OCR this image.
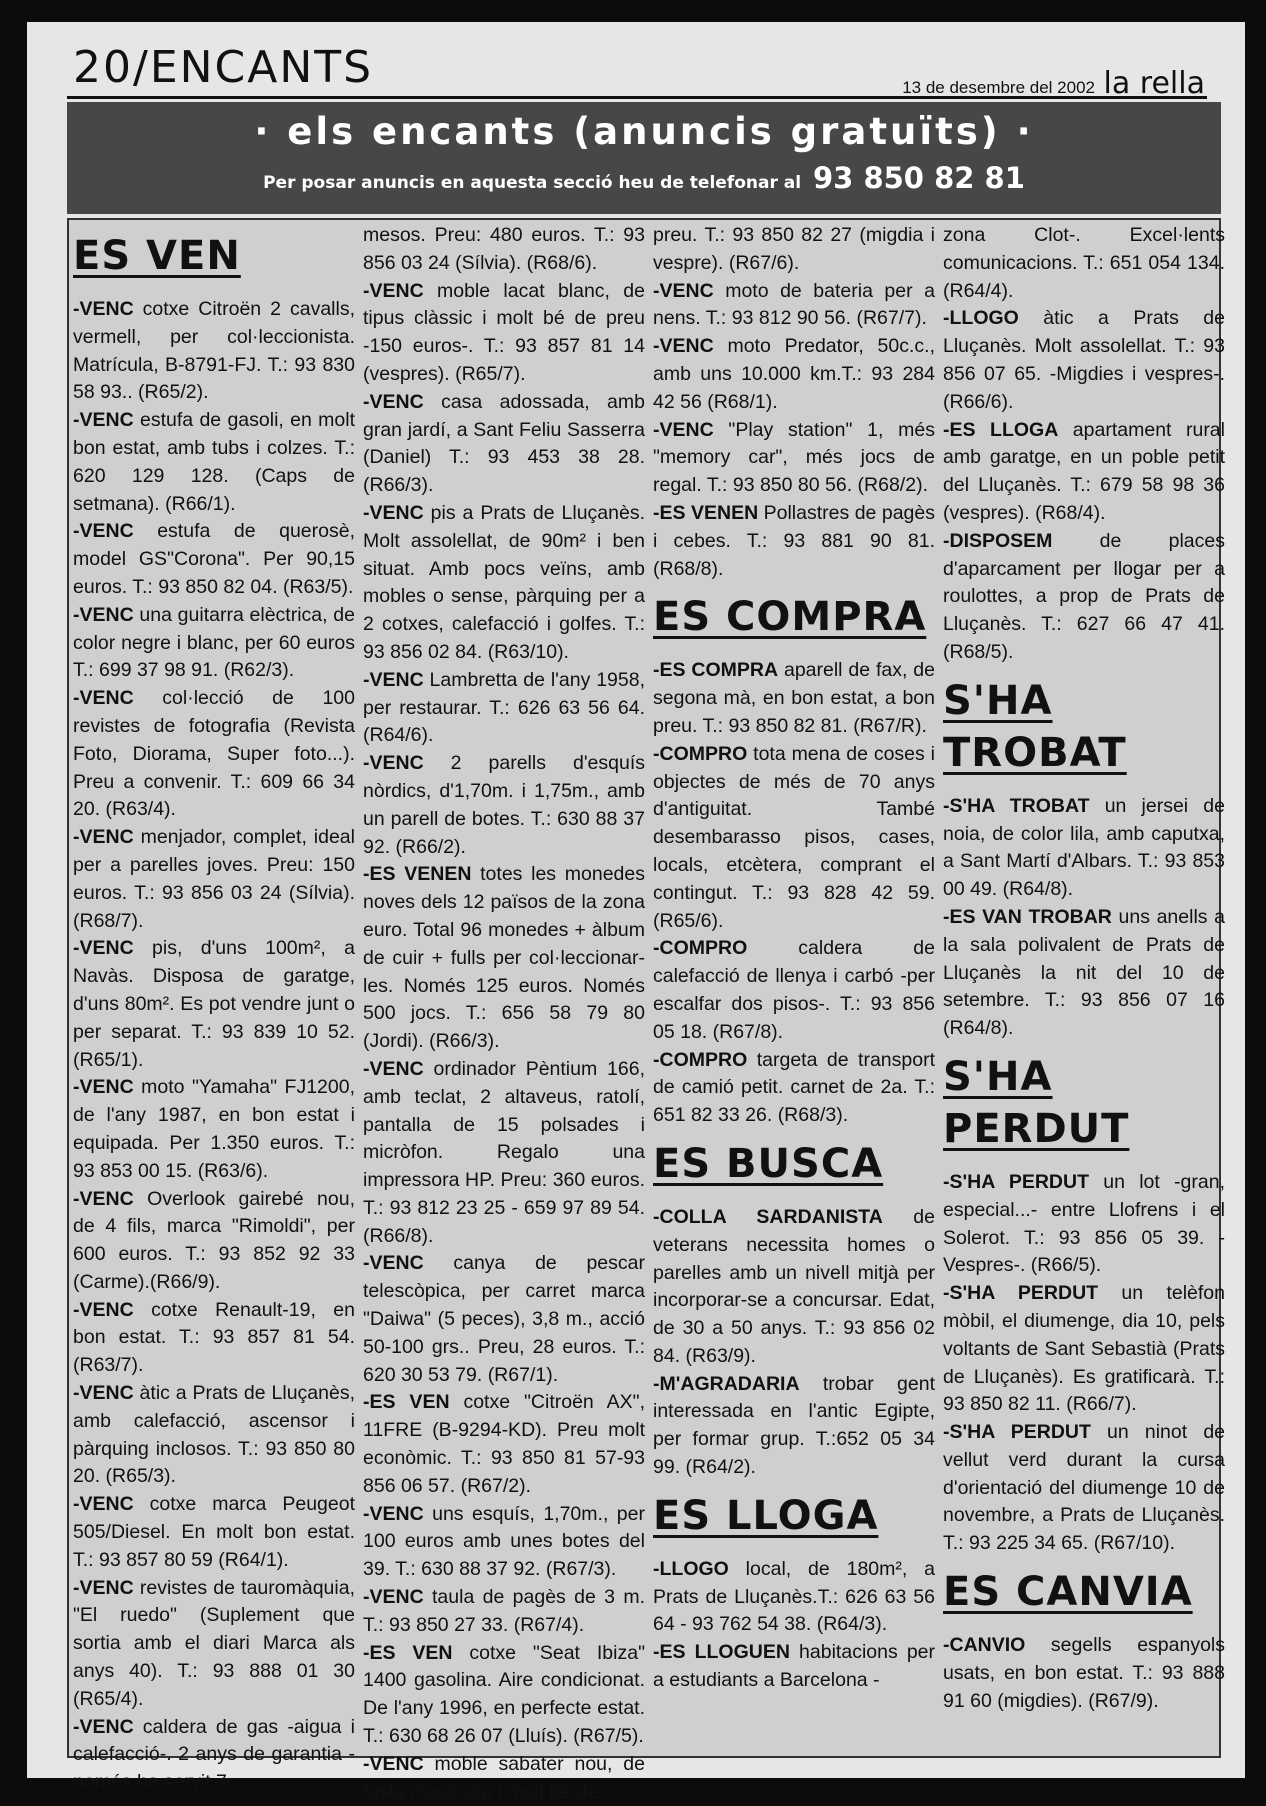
20/ENCANTS	13 de desembre del 2002 la rella
· els encants (anuncis gratuïts) ·
Per posar anuncis en aquesta secció heu de telefonar al 93 850 82 81
ES VEN

-VENC cotxe Citroën 2 cavalls, vermell, per col·leccionista. Matrícula, B-8791-FJ. T.: 93 830 58 93.. (R65/2).

-VENC estufa de gasoli, en molt bon estat, amb tubs i colzes. T.: 620 129 128. (Caps de setmana). (R66/1).

-VENC estufa de querosè, model GS"Corona". Per 90,15 euros. T.: 93 850 82 04. (R63/5).

-VENC una guitarra elèctrica, de color negre i blanc, per 60 euros T.: 699 37 98 91. (R62/3).

-VENC col·lecció de 100 revistes de fotografia (Revista Foto, Diorama, Super foto...). Preu a convenir. T.: 609 66 34 20. (R63/4).

-VENC menjador, complet, ideal per a parelles joves. Preu: 150 euros. T.: 93 856 03 24 (Sílvia). (R68/7).

-VENC pis, d'uns 100m², a Navàs. Disposa de garatge, d'uns 80m². Es pot vendre junt o per separat. T.: 93 839 10 52. (R65/1).

-VENC moto "Yamaha" FJ1200, de l'any 1987, en bon estat i equipada. Per 1.350 euros. T.: 93 853 00 15. (R63/6).

-VENC Overlook gairebé nou, de 4 fils, marca "Rimoldi", per 600 euros. T.: 93 852 92 33 (Carme).(R66/9).

-VENC cotxe Renault-19, en bon estat. T.: 93 857 81 54. (R63/7).

-VENC àtic a Prats de Lluçanès, amb calefacció, ascensor i pàrquing inclosos. T.: 93 850 80 20. (R65/3).

-VENC cotxe marca Peugeot 505/Diesel. En molt bon estat. T.: 93 857 80 59 (R64/1).

-VENC revistes de tauromàquia, "El ruedo" (Suplement que sortia amb el diari Marca als anys 40). T.: 93 888 01 30 (R65/4).

-VENC caldera de gas -aigua i calefacció-. 2 anys de garantia -només ha servit 7

mesos. Preu: 480 euros. T.: 93 856 03 24 (Sílvia). (R68/6).

-VENC moble lacat blanc, de tipus clàssic i molt bé de preu -150 euros-. T.: 93 857 81 14 (vespres). (R65/7).

-VENC casa adossada, amb gran jardí, a Sant Feliu Sasserra (Daniel) T.: 93 453 38 28. (R66/3).

-VENC pis a Prats de Lluçanès. Molt assolellat, de 90m² i ben situat. Amb pocs veïns, amb mobles o sense, pàrquing per a 2 cotxes, calefacció i golfes. T.: 93 856 02 84. (R63/10).

-VENC Lambretta de l'any 1958, per restaurar. T.: 626 63 56 64. (R64/6).

-VENC 2 parells d'esquís nòrdics, d'1,70m. i 1,75m., amb un parell de botes. T.: 630 88 37 92. (R66/2).

-ES VENEN totes les monedes noves dels 12 països de la zona euro. Total 96 monedes + àlbum de cuir + fulls per col·leccionar-les. Només 125 euros. Només 500 jocs. T.: 656 58 79 80 (Jordi). (R66/3).

-VENC ordinador Pèntium 166, amb teclat, 2 altaveus, ratolí, pantalla de 15 polsades i micròfon. Regalo una impressora HP. Preu: 360 euros. T.: 93 812 23 25 - 659 97 89 54. (R66/8).

-VENC canya de pescar telescòpica, per carret marca "Daiwa" (5 peces), 3,8 m., acció 50-100 grs.. Preu, 28 euros. T.: 620 30 53 79. (R67/1).

-ES VEN cotxe "Citroën AX", 11FRE (B-9294-KD). Preu molt econòmic. T.: 93 850 81 57-93 856 06 57. (R67/2).

-VENC uns esquís, 1,70m., per 100 euros amb unes botes del 39. T.: 630 88 37 92. (R67/3).

-VENC taula de pagès de 3 m. T.: 93 850 27 33. (R67/4).

-ES VEN cotxe "Seat Ibiza" 1400 gasolina. Aire condicionat. De l'any 1996, en perfecte estat. T.: 630 68 26 07 (Lluís). (R67/5).

-VENC moble sabater nou, de fusta massissa i molt bé de

preu. T.: 93 850 82 27 (migdia i vespre). (R67/6).

-VENC moto de bateria per a nens. T.: 93 812 90 56. (R67/7).

-VENC moto Predator, 50c.c., amb uns 10.000 km.T.: 93 284 42 56 (R68/1).

-VENC "Play station" 1, més "memory car", més jocs de regal. T.: 93 850 80 56. (R68/2).

-ES VENEN Pollastres de pagès i cebes. T.: 93 881 90 81. (R68/8).

ES COMPRA

-ES COMPRA aparell de fax, de segona mà, en bon estat, a bon preu. T.: 93 850 82 81. (R67/R).

-COMPRO tota mena de coses i objectes de més de 70 anys d'antiguitat. També desembarasso pisos, cases, locals, etcètera, comprant el contingut. T.: 93 828 42 59. (R65/6).

-COMPRO caldera de calefacció de llenya i carbó -per escalfar dos pisos-. T.: 93 856 05 18. (R67/8).

-COMPRO targeta de transport de camió petit. carnet de 2a. T.: 651 82 33 26. (R68/3).

ES BUSCA

-COLLA SARDANISTA de veterans necessita homes o parelles amb un nivell mitjà per incorporar-se a concursar. Edat, de 30 a 50 anys. T.: 93 856 02 84. (R63/9).

-M'AGRADARIA trobar gent interessada en l'antic Egipte, per formar grup. T.:652 05 34 99. (R64/2).

ES LLOGA

-LLOGO local, de 180m², a Prats de Lluçanès.T.: 626 63 56 64 - 93 762 54 38. (R64/3).

-ES LLOGUEN habitacions per a estudiants a Barcelona -

zona Clot-. Excel·lents comunicacions. T.: 651 054 134. (R64/4).

-LLOGO àtic a Prats de Lluçanès. Molt assolellat. T.: 93 856 07 65. -Migdies i vespres-. (R66/6).

-ES LLOGA apartament rural amb garatge, en un poble petit del Lluçanès. T.: 679 58 98 36 (vespres). (R68/4).

-DISPOSEM de places d'aparcament per llogar per a roulottes, a prop de Prats de Lluçanès. T.: 627 66 47 41. (R68/5).

S'HA TROBAT

-S'HA TROBAT un jersei de noia, de color lila, amb caputxa, a Sant Martí d'Albars. T.: 93 853 00 49. (R64/8).

-ES VAN TROBAR uns anells a la sala polivalent de Prats de Lluçanès la nit del 10 de setembre. T.: 93 856 07 16 (R64/8).

S'HA PERDUT

-S'HA PERDUT un lot -gran, especial...- entre Llofrens i el Solerot. T.: 93 856 05 39. -Vespres-. (R66/5).

-S'HA PERDUT un telèfon mòbil, el diumenge, dia 10, pels voltants de Sant Sebastià (Prats de Lluçanès). Es gratificarà. T.: 93 850 82 11. (R66/7).

-S'HA PERDUT un ninot de vellut verd durant la cursa d'orientació del diumenge 10 de novembre, a Prats de Lluçanès. T.: 93 225 34 65. (R67/10).

ES CANVIA

-CANVIO segells espanyols usats, en bon estat. T.: 93 888 91 60 (migdies). (R67/9).
